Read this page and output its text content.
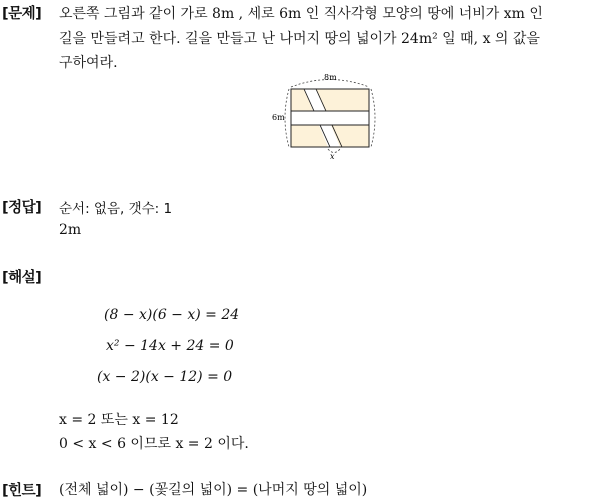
[문제] 오른쪽 그림과 같이 가로 8m , 세로 6m 인 직사각형 모양의 땅에 너비가 xm 인
길을 만들려고 한다. 길을 만들고 난 나머지 땅의 넓이가 24m² 일 때, x 의 값을
구하여라.
8m
6m
x
[정답] 순서: 없음, 갯수: 1
2m
[해설]
(8 − x)(6 − x) = 24
x² − 14x + 24 = 0
(x − 2)(x − 12) = 0
x = 2 또는 x = 12
0 < x < 6 이므로 x = 2 이다.
[힌트] (전체 넓이) − (꽃길의 넓이) = (나머지 땅의 넓이)
